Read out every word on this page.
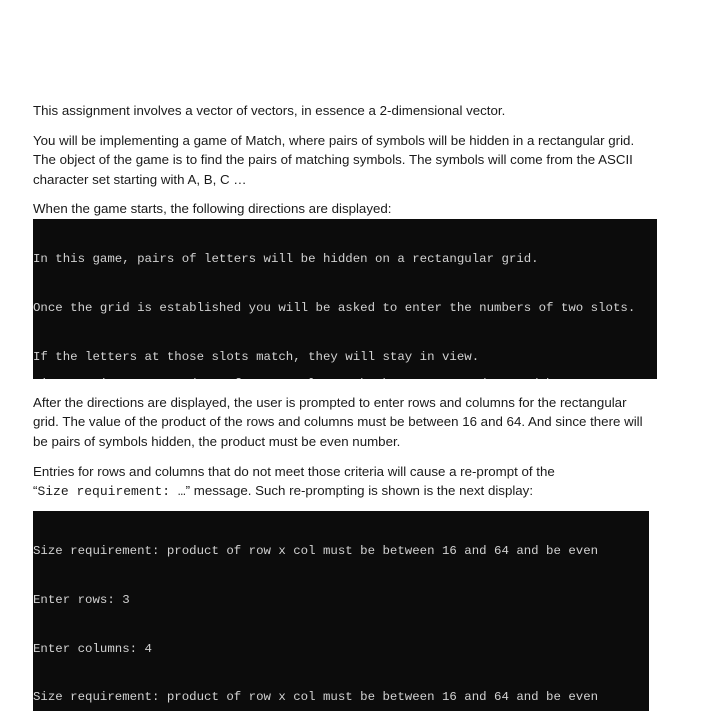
This assignment involves a vector of vectors, in essence a 2-dimensional vector.

You will be implementing a game of Match, where pairs of symbols will be hidden in a rectangular grid.
The object of the game is to find the pairs of matching symbols. The symbols will come from the ASCII
character set starting with A, B, C …

When the game starts, the following directions are displayed:

In this game, pairs of letters will be hidden on a rectangular grid.

Once the grid is established you will be asked to enter the numbers of two slots.

If the letters at those slots match, they will stay in view.

After the directions are displayed, the user is prompted to enter rows and columns for the rectangular
grid. The value of the product of the rows and columns must be between 16 and 64. And since there will
be pairs of symbols hidden, the product must be even number.

Entries for rows and columns that do not meet those criteria will cause a re-prompt of the
“Size requirement: …” message. Such re-prompting is shown is the next display:

Size requirement: product of row x col must be between 16 and 64 and be even

Enter rows: 3

Enter columns: 4

Size requirement: product of row x col must be between 16 and 64 and be even
